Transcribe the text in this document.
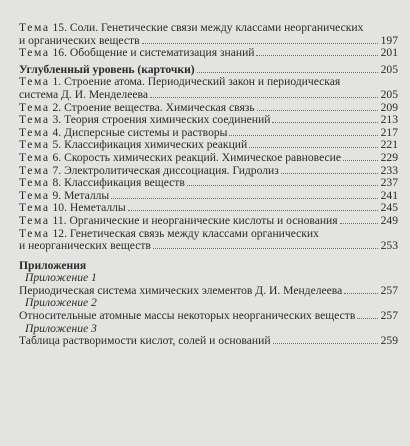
Тема 15. Соли. Генетические связи между классами неорганических
и органических веществ	197
Тема 16. Обобщение и систематизация знаний	201
Углубленный уровень (карточки)	205
Тема 1. Строение атома. Периодический закон и периодическая
система Д. И. Менделеева	205
Тема 2. Строение вещества. Химическая связь	209
Тема 3. Теория строения химических соединений	213
Тема 4. Дисперсные системы и растворы	217
Тема 5. Классификация химических реакций	221
Тема 6. Скорость химических реакций. Химическое равновесие	229
Тема 7. Электролитическая диссоциация. Гидролиз	233
Тема 8. Классификация веществ	237
Тема 9. Металлы	241
Тема 10. Неметаллы	245
Тема 11. Органические и неорганические кислоты и основания	249
Тема 12. Генетическая связь между классами органических
и неорганических веществ	253
Приложения
Приложение 1
Периодическая система химических элементов Д. И. Менделеева	257
Приложение 2
Относительные атомные массы некоторых неорганических веществ 257
Приложение 3
Таблица растворимости кислот, солей и оснований	259
